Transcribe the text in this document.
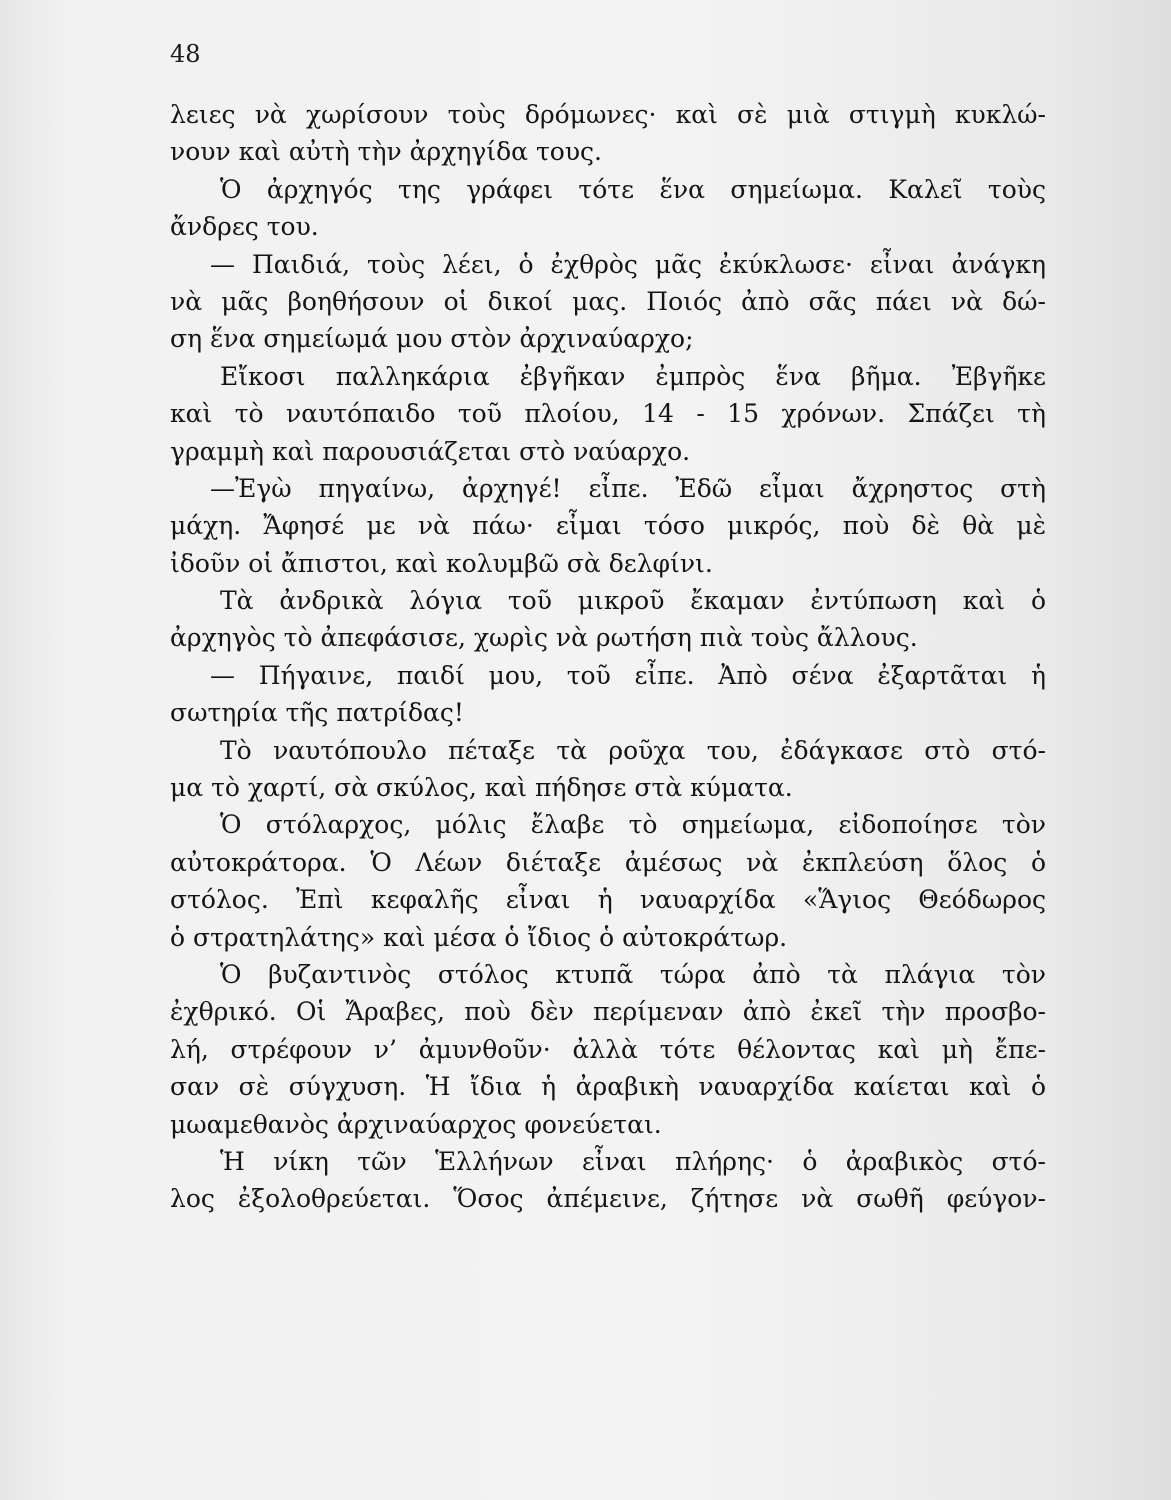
48
λειες νὰ χωρίσουν τοὺς δρόμωνες· καὶ σὲ μιὰ στιγμὴ κυκλώ-
νουν καὶ αὐτὴ τὴν ἀρχηγίδα τους.
Ὁ ἀρχηγός της γράφει τότε ἕνα σημείωμα. Καλεῖ τοὺς
ἄνδρες του.
— Παιδιά, τοὺς λέει, ὁ ἐχθρὸς μᾶς ἐκύκλωσε· εἶναι ἀνάγκη
νὰ μᾶς βοηθήσουν οἱ δικοί μας. Ποιός ἀπὸ σᾶς πάει νὰ δώ-
ση ἕνα σημείωμά μου στὸν ἀρχιναύαρχο;
Εἴκοσι παλληκάρια ἐβγῆκαν ἐμπρὸς ἕνα βῆμα. Ἐβγῆκε
καὶ τὸ ναυτόπαιδο τοῦ πλοίου, 14 - 15 χρόνων. Σπάζει τὴ
γραμμὴ καὶ παρουσιάζεται στὸ ναύαρχο.
—Ἐγὼ πηγαίνω, ἀρχηγέ! εἶπε. Ἐδῶ εἶμαι ἄχρηστος στὴ
μάχη. Ἄφησέ με νὰ πάω· εἶμαι τόσο μικρός, ποὺ δὲ θὰ μὲ
ἰδοῦν οἱ ἄπιστοι, καὶ κολυμβῶ σὰ δελφίνι.
Τὰ ἀνδρικὰ λόγια τοῦ μικροῦ ἔκαμαν ἐντύπωση καὶ ὁ
ἀρχηγὸς τὸ ἀπεφάσισε, χωρὶς νὰ ρωτήση πιὰ τοὺς ἄλλους.
— Πήγαινε, παιδί μου, τοῦ εἶπε. Ἀπὸ σένα ἐξαρτᾶται ἡ
σωτηρία τῆς πατρίδας!
Τὸ ναυτόπουλο πέταξε τὰ ροῦχα του, ἐδάγκασε στὸ στό-
μα τὸ χαρτί, σὰ σκύλος, καὶ πήδησε στὰ κύματα.
Ὁ στόλαρχος, μόλις ἔλαβε τὸ σημείωμα, εἰδοποίησε τὸν
αὐτοκράτορα. Ὁ Λέων διέταξε ἀμέσως νὰ ἐκπλεύση ὅλος ὁ
στόλος. Ἐπὶ κεφαλῆς εἶναι ἡ ναυαρχίδα «Ἅγιος Θεόδωρος
ὁ στρατηλάτης» καὶ μέσα ὁ ἴδιος ὁ αὐτοκράτωρ.
Ὁ βυζαντινὸς στόλος κτυπᾶ τώρα ἀπὸ τὰ πλάγια τὸν
ἐχθρικό. Οἱ Ἄραβες, ποὺ δὲν περίμεναν ἀπὸ ἐκεῖ τὴν προσβο-
λή, στρέφουν ν’ ἀμυνθοῦν· ἀλλὰ τότε θέλοντας καὶ μὴ ἔπε-
σαν σὲ σύγχυση. Ἡ ἴδια ἡ ἀραβικὴ ναυαρχίδα καίεται καὶ ὁ
μωαμεθανὸς ἀρχιναύαρχος φονεύεται.
Ἡ νίκη τῶν Ἑλλήνων εἶναι πλήρης· ὁ ἀραβικὸς στό-
λος ἐξολοθρεύεται. Ὅσος ἀπέμεινε, ζήτησε νὰ σωθῆ φεύγον-
